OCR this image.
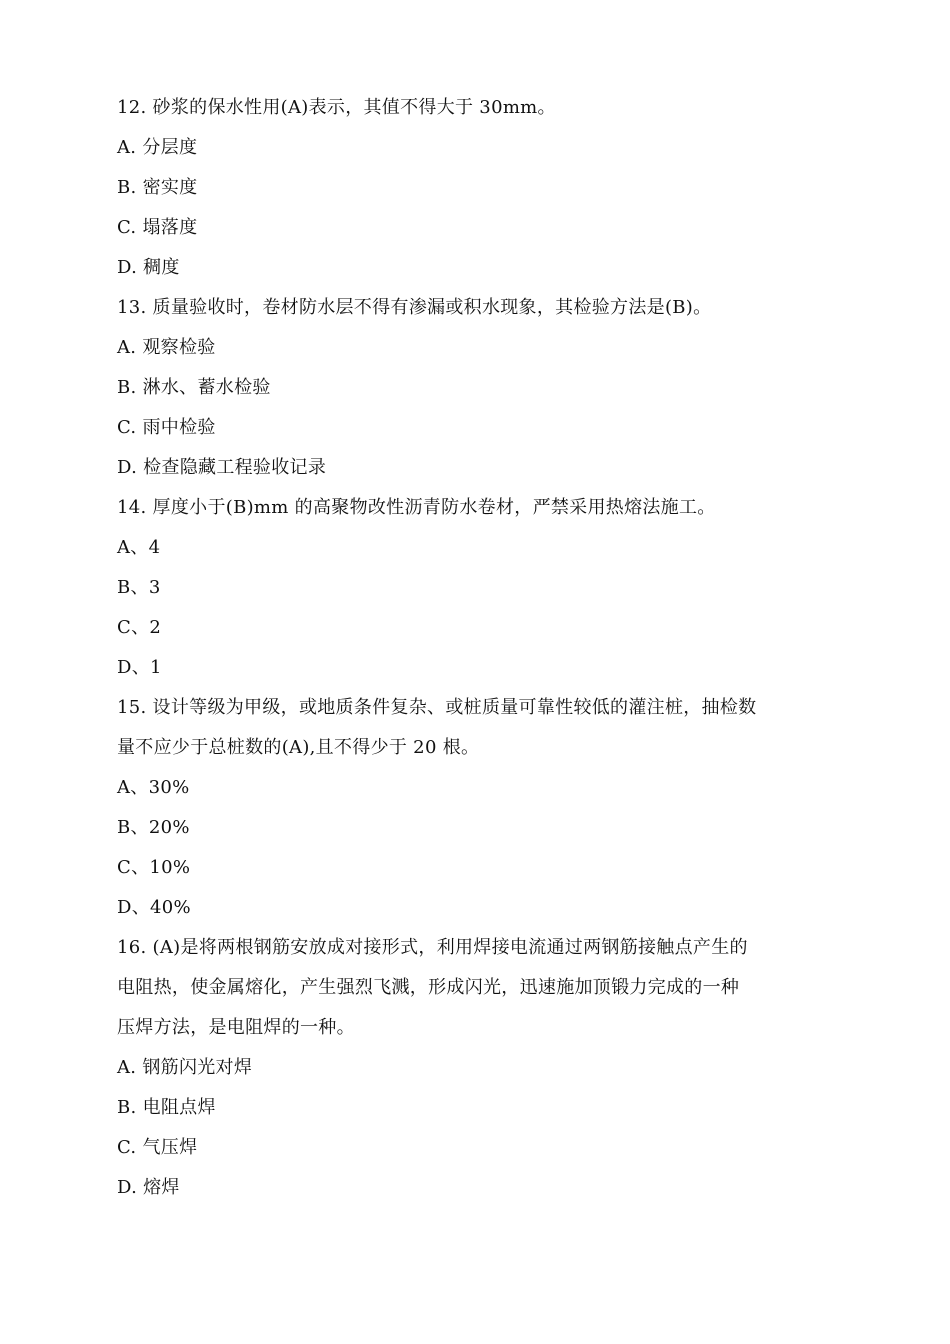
12. 砂浆的保水性用(A)表示，其值不得大于 30mm。
A. 分层度
B. 密实度
C. 塌落度
D. 稠度
13. 质量验收时，卷材防水层不得有渗漏或积水现象，其检验方法是(B)。
A. 观察检验
B. 淋水、蓄水检验
C. 雨中检验
D. 检查隐藏工程验收记录
14. 厚度小于(B)mm 的高聚物改性沥青防水卷材，严禁采用热熔法施工。
A、4
B、3
C、2
D、1
15. 设计等级为甲级，或地质条件复杂、或桩质量可靠性较低的灌注桩，抽检数
量不应少于总桩数的(A),且不得少于 20 根。
A、30%
B、20%
C、10%
D、40%
16. (A)是将两根钢筋安放成对接形式，利用焊接电流通过两钢筋接触点产生的
电阻热，使金属熔化，产生强烈飞溅，形成闪光，迅速施加顶锻力完成的一种
压焊方法，是电阻焊的一种。
A. 钢筋闪光对焊
B. 电阻点焊
C. 气压焊
D. 熔焊
